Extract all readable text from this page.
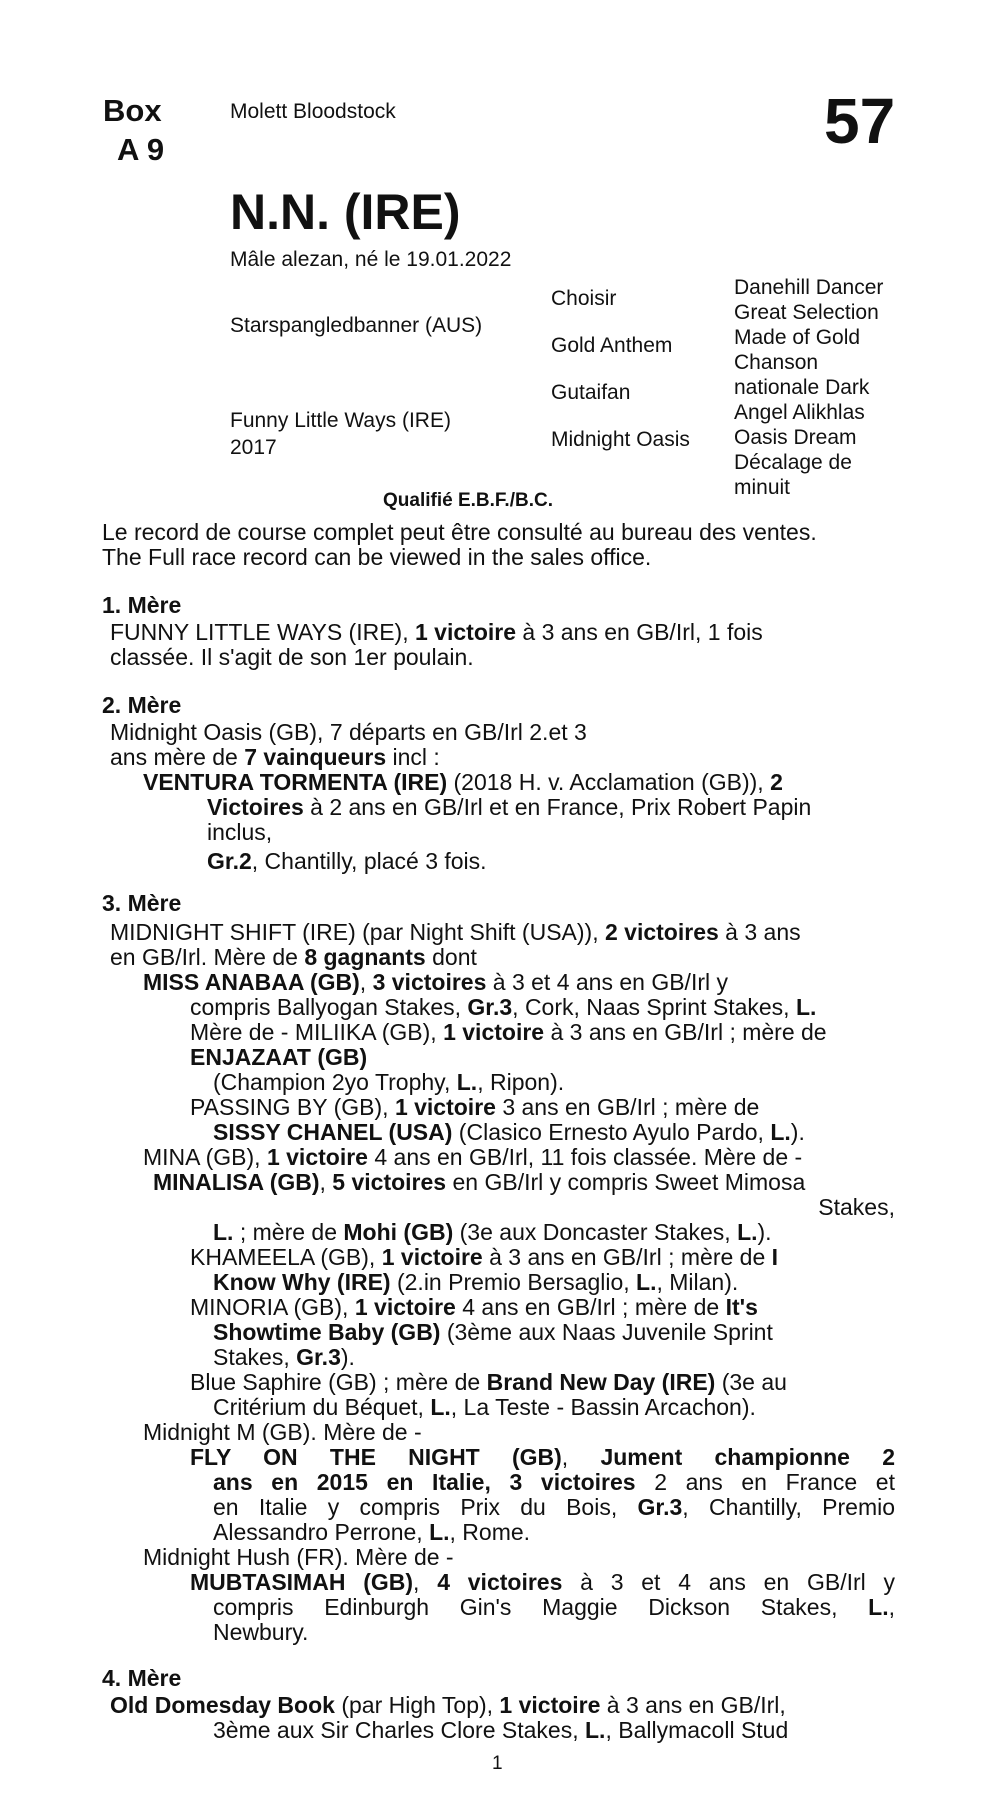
Box
A 9
Molett Bloodstock	57
N.N. (IRE)
Mâle alezan, né le 19.01.2022
Starspangledbanner (AUS)
Funny Little Ways (IRE)
2017
Choisir
Gold Anthem
Gutaifan
Midnight Oasis
Danehill Dancer
Great Selection
Made of Gold
Chanson
nationale Dark
Angel Alikhlas
Oasis Dream
Décalage de
minuit
Qualifié E.B.F./B.C.
Le record de course complet peut être consulté au bureau des ventes.
The Full race record can be viewed in the sales office.
1. Mère
FUNNY LITTLE WAYS (IRE), 1 victoire à 3 ans en GB/Irl, 1 fois
classée. Il s'agit de son 1er poulain.
2. Mère
Midnight Oasis (GB), 7 départs en GB/Irl 2.et 3
ans mère de 7 vainqueurs incl :
VENTURA TORMENTA (IRE) (2018 H. v. Acclamation (GB)), 2
Victoires à 2 ans en GB/Irl et en France, Prix Robert Papin
inclus,
Gr.2, Chantilly, placé 3 fois.
3. Mère
MIDNIGHT SHIFT (IRE) (par Night Shift (USA)), 2 victoires à 3 ans
en GB/Irl. Mère de 8 gagnants dont
MISS ANABAA (GB), 3 victoires à 3 et 4 ans en GB/Irl y
compris Ballyogan Stakes, Gr.3, Cork, Naas Sprint Stakes, L.
Mère de - MILIIKA (GB), 1 victoire à 3 ans en GB/Irl ; mère de
ENJAZAAT (GB)
(Champion 2yo Trophy, L., Ripon).
PASSING BY (GB), 1 victoire 3 ans en GB/Irl ; mère de
SISSY CHANEL (USA) (Clasico Ernesto Ayulo Pardo, L.).
MINA (GB), 1 victoire 4 ans en GB/Irl, 11 fois classée. Mère de -
MINALISA (GB), 5 victoires en GB/Irl y compris Sweet Mimosa
Stakes,
L. ; mère de Mohi (GB) (3e aux Doncaster Stakes, L.).
KHAMEELA (GB), 1 victoire à 3 ans en GB/Irl ; mère de I
Know Why (IRE) (2.in Premio Bersaglio, L., Milan).
MINORIA (GB), 1 victoire 4 ans en GB/Irl ; mère de It's
Showtime Baby (GB) (3ème aux Naas Juvenile Sprint
Stakes, Gr.3).
Blue Saphire (GB) ; mère de Brand New Day (IRE) (3e au
Critérium du Béquet, L., La Teste - Bassin Arcachon).
Midnight M (GB). Mère de -
FLY ON THE NIGHT (GB), Jument championne 2
ans en 2015 en Italie, 3 victoires 2 ans en France et
en Italie y compris Prix du Bois, Gr.3, Chantilly, Premio
Alessandro Perrone, L., Rome.
Midnight Hush (FR). Mère de -
MUBTASIMAH (GB), 4 victoires à 3 et 4 ans en GB/Irl y
compris Edinburgh Gin's Maggie Dickson Stakes, L.,
Newbury.
4. Mère
Old Domesday Book (par High Top), 1 victoire à 3 ans en GB/Irl,
3ème aux Sir Charles Clore Stakes, L., Ballymacoll Stud
1
